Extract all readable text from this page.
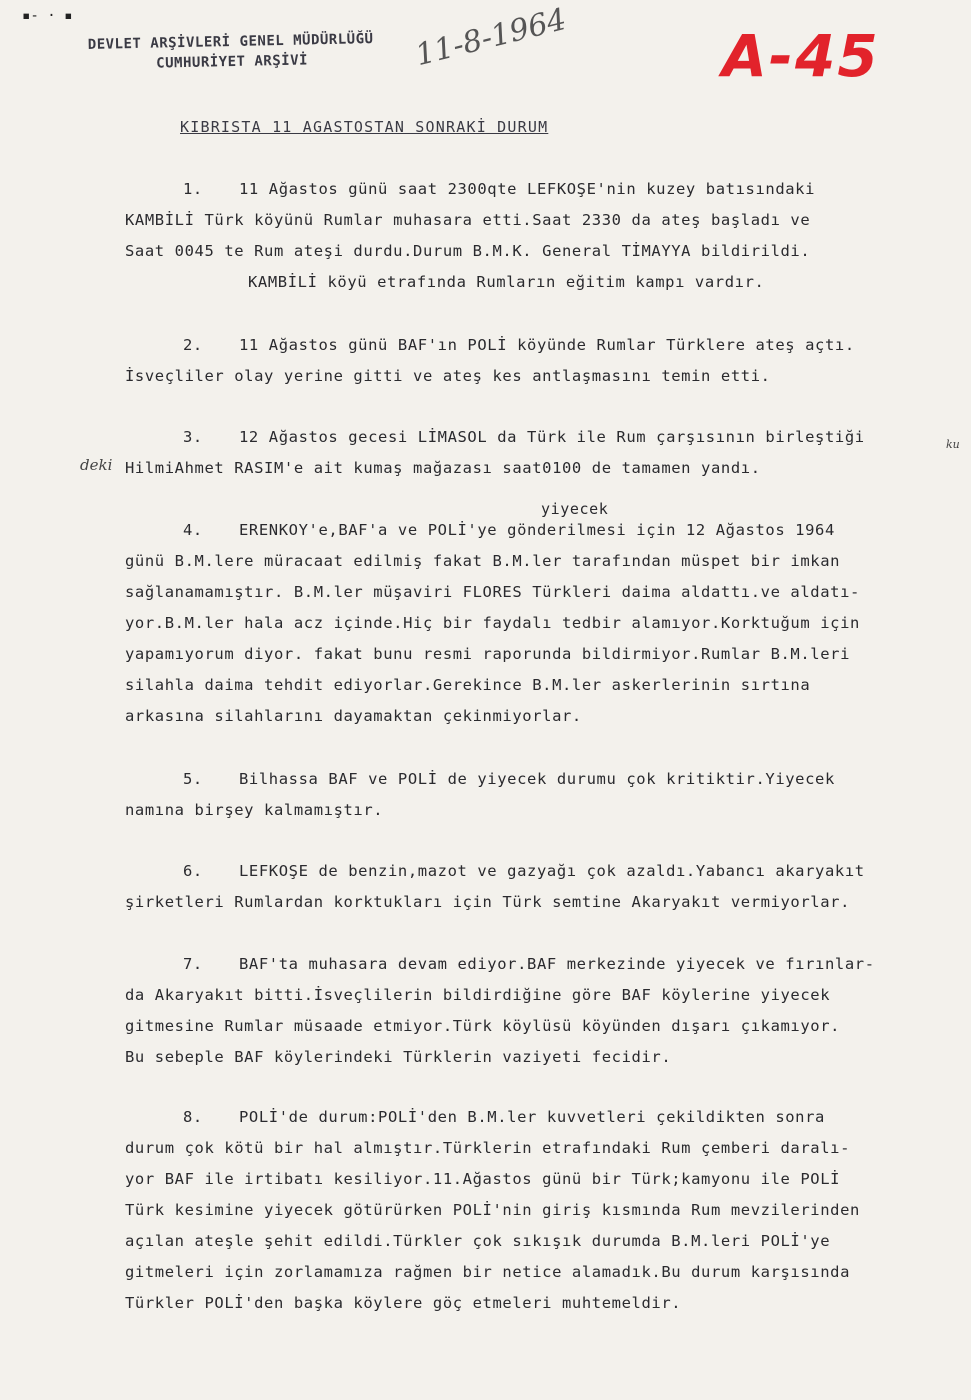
▪‑ · ▪
DEVLET ARŞİVLERİ GENEL MÜDÜRLÜĞÜ
CUMHURİYET ARŞİVİ	11-8-1964	A-45
KIBRISTA 11 AGASTOSTAN SONRAKİ DURUM
1. 11 Ağastos günü saat 2300qte LEFKOŞE'nin kuzey batısındaki
KAMBİLİ Türk köyünü Rumlar muhasara etti.Saat 2330 da ateş başladı ve
Saat 0045 te Rum ateşi durdu.Durum B.M.K. General TİMAYYA bildirildi.
KAMBİLİ köyü etrafında Rumların eğitim kampı vardır.
2. 11 Ağastos günü BAF'ın POLİ köyünde Rumlar Türklere ateş açtı.
İsveçliler olay yerine gitti ve ateş kes antlaşmasını temin etti.
3. 12 Ağastos gecesi LİMASOL da Türk ile Rum çarşısının birleştiği
HilmiAhmet RASIM'e ait kumaş mağazası saat0100 de tamamen yandı.
deki
ku
yiyecek
4. ERENKOY'e,BAF'a ve POLİ'ye gönderilmesi için 12 Ağastos 1964
günü B.M.lere müracaat edilmiş fakat B.M.ler tarafından müspet bir imkan
sağlanamamıştır. B.M.ler müşaviri FLORES Türkleri daima aldattı.ve aldatı-
yor.B.M.ler hala acz içinde.Hiç bir faydalı tedbir alamıyor.Korktuğum için
yapamıyorum diyor. fakat bunu resmi raporunda bildirmiyor.Rumlar B.M.leri
silahla daima tehdit ediyorlar.Gerekince B.M.ler askerlerinin sırtına
arkasına silahlarını dayamaktan çekinmiyorlar.
5. Bilhassa BAF ve POLİ de yiyecek durumu çok kritiktir.Yiyecek
namına birşey kalmamıştır.
6. LEFKOŞE de benzin,mazot ve gazyağı çok azaldı.Yabancı akaryakıt
şirketleri Rumlardan korktukları için Türk semtine Akaryakıt vermiyorlar.
7. BAF'ta muhasara devam ediyor.BAF merkezinde yiyecek ve fırınlar-
da Akaryakıt bitti.İsveçlilerin bildirdiğine göre BAF köylerine yiyecek
gitmesine Rumlar müsaade etmiyor.Türk köylüsü köyünden dışarı çıkamıyor.
Bu sebeple BAF köylerindeki Türklerin vaziyeti fecidir.
8. POLİ'de durum:POLİ'den B.M.ler kuvvetleri çekildikten sonra
durum çok kötü bir hal almıştır.Türklerin etrafındaki Rum çemberi daralı-
yor BAF ile irtibatı kesiliyor.11.Ağastos günü bir Türk;kamyonu ile POLİ
Türk kesimine yiyecek götürürken POLİ'nin giriş kısmında Rum mevzilerinden
açılan ateşle şehit edildi.Türkler çok sıkışık durumda B.M.leri POLİ'ye
gitmeleri için zorlamamıza rağmen bir netice alamadık.Bu durum karşısında
Türkler POLİ'den başka köylere göç etmeleri muhtemeldir.
